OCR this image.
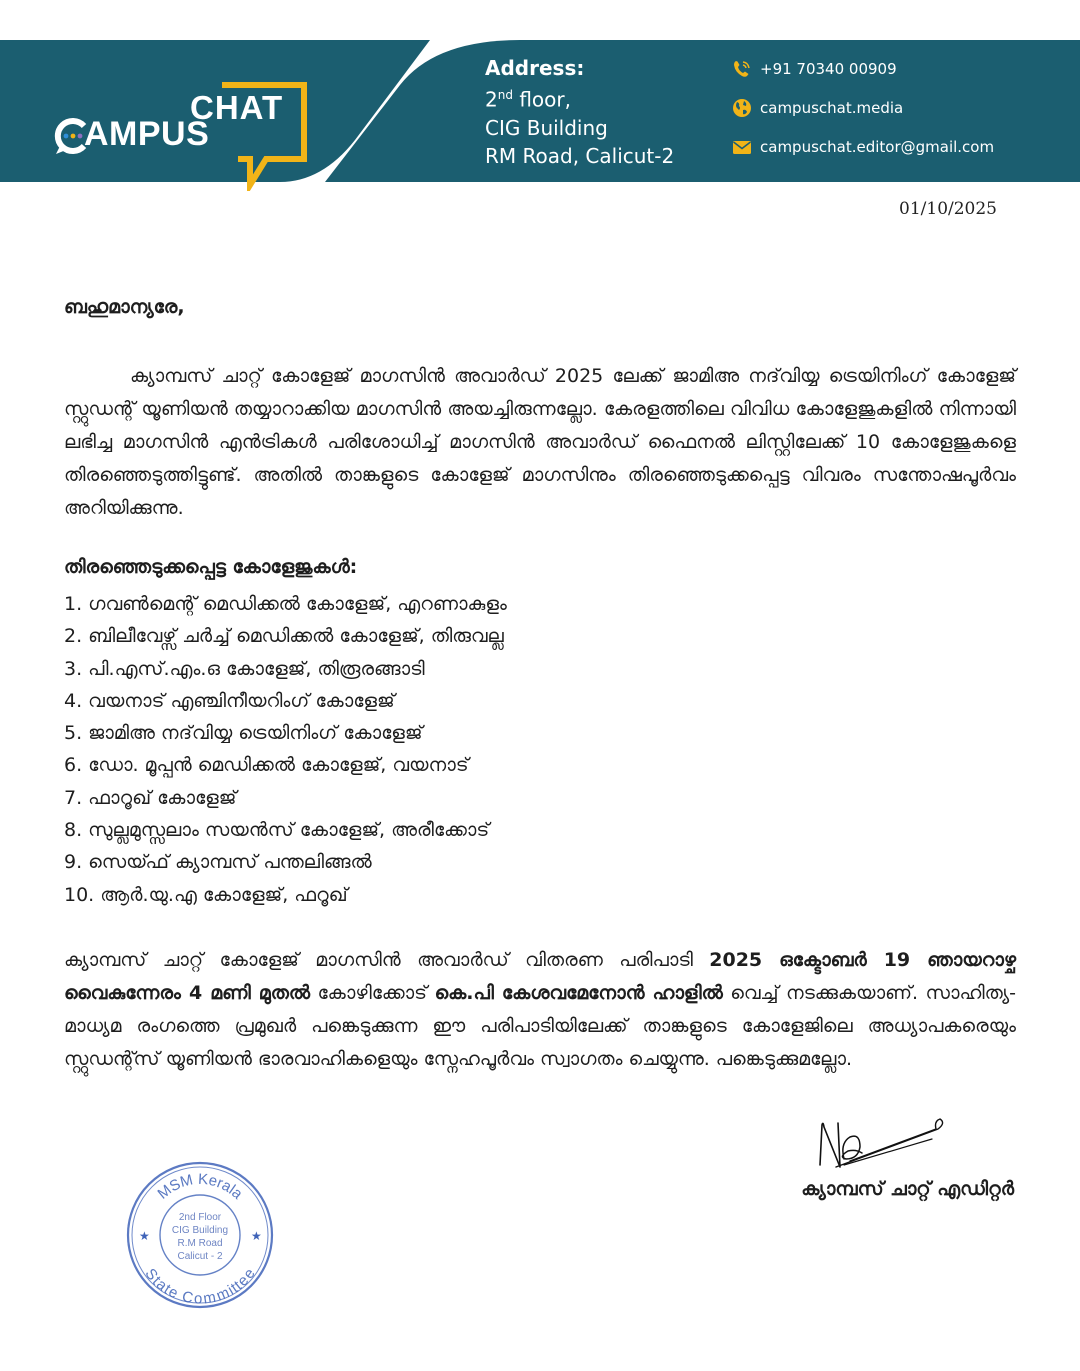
CHAT
AMPUS
Address:
2nd floor,
CIG Building
RM Road, Calicut-2
+91 70340 00909
campuschat.media
campuschat.editor@gmail.com
01/10/2025
ബഹുമാന്യരേ,
ക്യാമ്പസ് ചാറ്റ് കോളേജ് മാഗസിൻ അവാർഡ് 2025 ലേക്ക് ജാമിഅ നദ്‌വിയ്യ ട്രെയിനിംഗ് കോളേജ് സ്റ്റുഡന്റ് യൂണിയൻ തയ്യാറാക്കിയ മാഗസിൻ അയച്ചിരുന്നല്ലോ. കേരളത്തിലെ വിവിധ കോളേജുകളിൽ നിന്നായി ലഭിച്ച മാഗസിൻ എൻട്രികൾ പരിശോധിച്ച് മാഗസിൻ അവാർഡ് ഫൈനൽ ലിസ്റ്റിലേക്ക് 10 കോളേജുകളെ തിരഞ്ഞെടുത്തിട്ടുണ്ട്. അതിൽ താങ്കളുടെ കോളേജ് മാഗസിനും തിരഞ്ഞെടുക്കപ്പെട്ട വിവരം സന്തോഷപൂർവം അറിയിക്കുന്നു.
തിരഞ്ഞെടുക്കപ്പെട്ട കോളേജുകൾ:
1. ഗവൺമെന്റ് മെഡിക്കൽ കോളേജ്, എറണാകുളം
2. ബിലീവേഴ്സ് ചർച്ച് മെഡിക്കൽ കോളേജ്, തിരുവല്ല
3. പി.എസ്.എം.ഒ കോളേജ്, തിരൂരങ്ങാടി
4. വയനാട് എഞ്ചിനീയറിംഗ് കോളേജ്
5. ജാമിഅ നദ്‌വിയ്യ ട്രെയിനിംഗ് കോളേജ്
6. ഡോ. മൂപ്പൻ മെഡിക്കൽ കോളേജ്, വയനാട്
7. ഫാറൂഖ് കോളേജ്
8. സുല്ലമുസ്സലാം സയൻസ് കോളേജ്, അരീക്കോട്
9. സെയ്ഫ് ക്യാമ്പസ് പന്തലിങ്ങൽ
10. ആർ.യു.എ കോളേജ്, ഫറൂഖ്
ക്യാമ്പസ് ചാറ്റ് കോളേജ് മാഗസിൻ അവാർഡ് വിതരണ പരിപാടി 2025 ഒക്ടോബർ 19 ഞായറാഴ്ച വൈകുന്നേരം 4 മണി മുതൽ കോഴിക്കോട് കെ.പി കേശവമേനോൻ ഹാളിൽ വെച്ച് നടക്കുകയാണ്. സാഹിത്യ-മാധ്യമ രംഗത്തെ പ്രമുഖർ പങ്കെടുക്കുന്ന ഈ പരിപാടിയിലേക്ക് താങ്കളുടെ കോളേജിലെ അധ്യാപകരെയും സ്റ്റുഡന്റ്സ് യൂണിയൻ ഭാരവാഹികളെയും സ്നേഹപൂർവം സ്വാഗതം ചെയ്യുന്നു. പങ്കെടുക്കുമല്ലോ.
ക്യാമ്പസ് ചാറ്റ് എഡിറ്റർ
MSM Kerala
State Committee
★	★
2nd Floor
CIG Building
R.M Road
Calicut - 2
